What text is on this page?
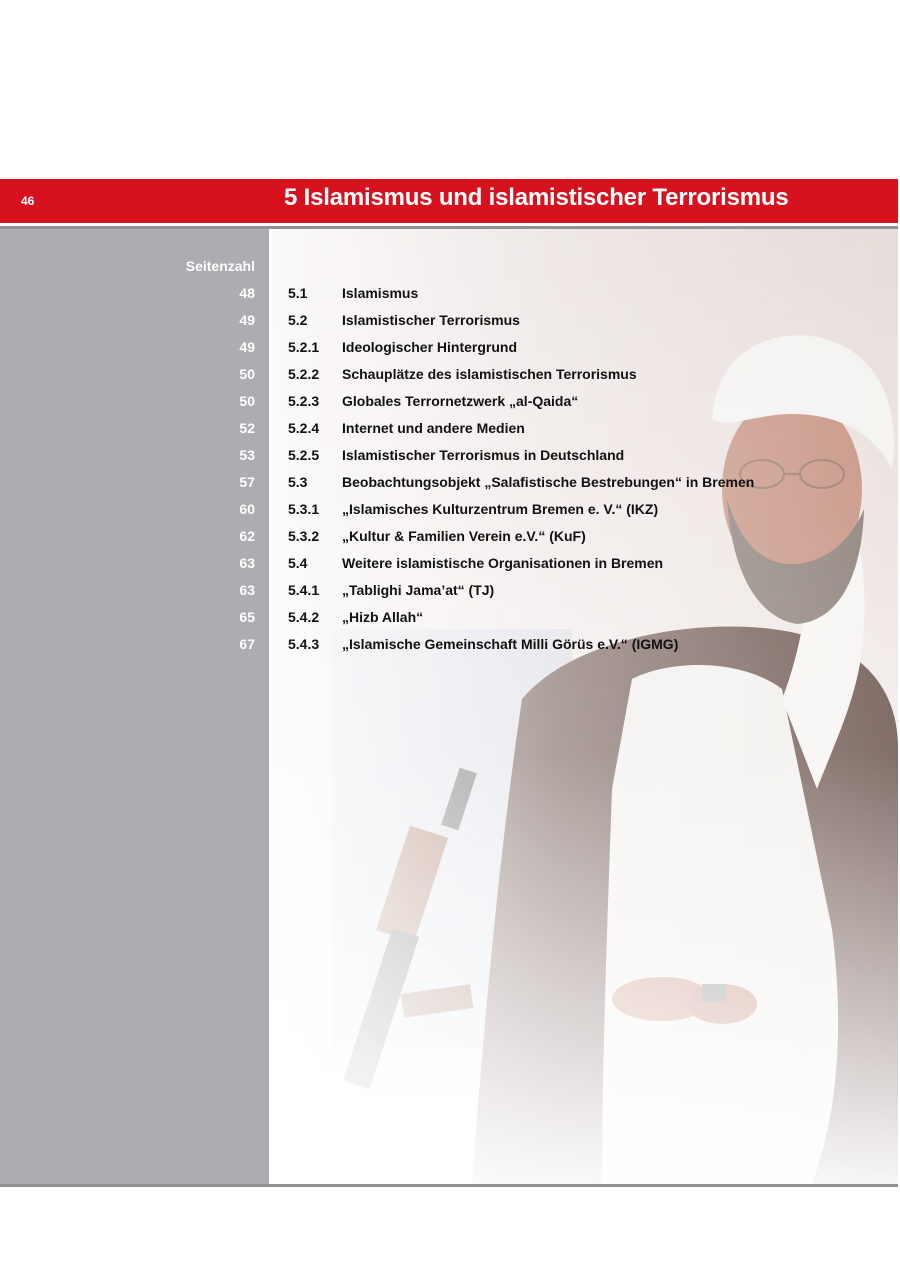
46	5 Islamismus und islamistischer Terrorismus
Seitenzahl
48 5.1 Islamismus
49 5.2 Islamistischer Terrorismus
49 5.2.1 Ideologischer Hintergrund
50 5.2.2 Schauplätze des islamistischen Terrorismus
50 5.2.3 Globales Terrornetzwerk „al-Qaida“
52 5.2.4 Internet und andere Medien
53 5.2.5 Islamistischer Terrorismus in Deutschland
57 5.3 Beobachtungsobjekt „Salafistische Bestrebungen“ in Bremen
60 5.3.1 „Islamisches Kulturzentrum Bremen e. V.“ (IKZ)
62 5.3.2 „Kultur & Familien Verein e.V.“ (KuF)
63 5.4 Weitere islamistische Organisationen in Bremen
63 5.4.1 „Tablighi Jama’at“ (TJ)
65 5.4.2 „Hizb Allah“
67 5.4.3 „Islamische Gemeinschaft Milli Görüs e.V.“ (IGMG)
